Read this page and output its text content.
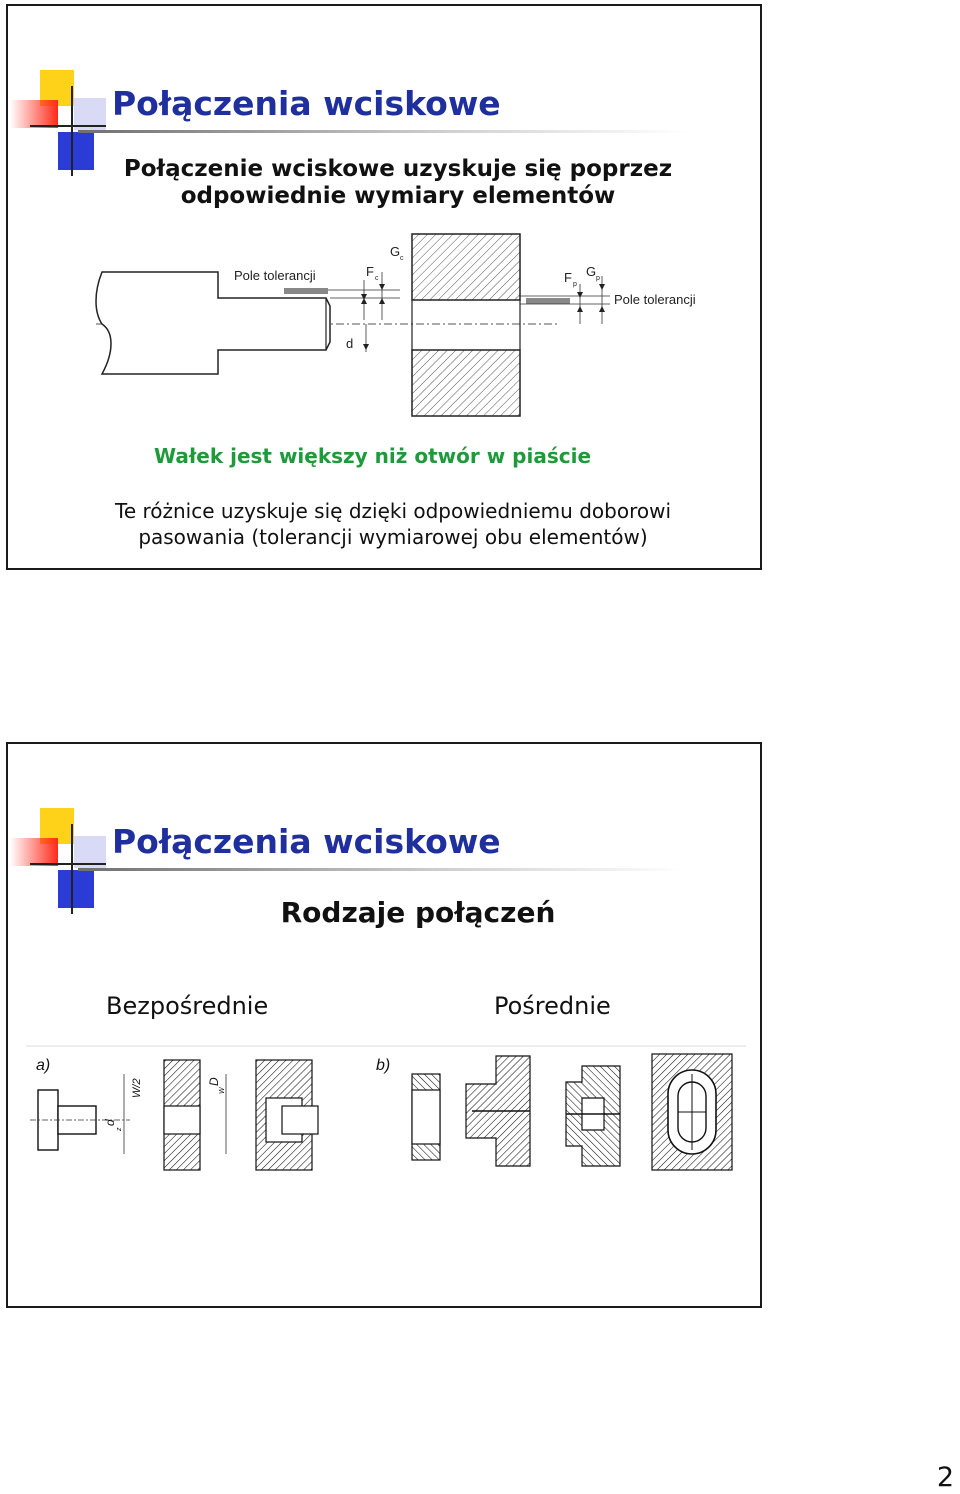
Połączenia wciskowe
Połączenie wciskowe uzyskuje się poprzez
odpowiednie wymiary elementów
Pole tolerancji	F c
G c
d
F p
G p
Pole tolerancji
Wałek jest większy niż otwór w piaście
Te różnice uzyskuje się dzięki odpowiedniemu doborowi
pasowania (tolerancji wymiarowej obu elementów)
Połączenia wciskowe
Rodzaje połączeń
Bezpośrednie	Pośrednie
a)
d
z
W/2	D
W
b)
2
